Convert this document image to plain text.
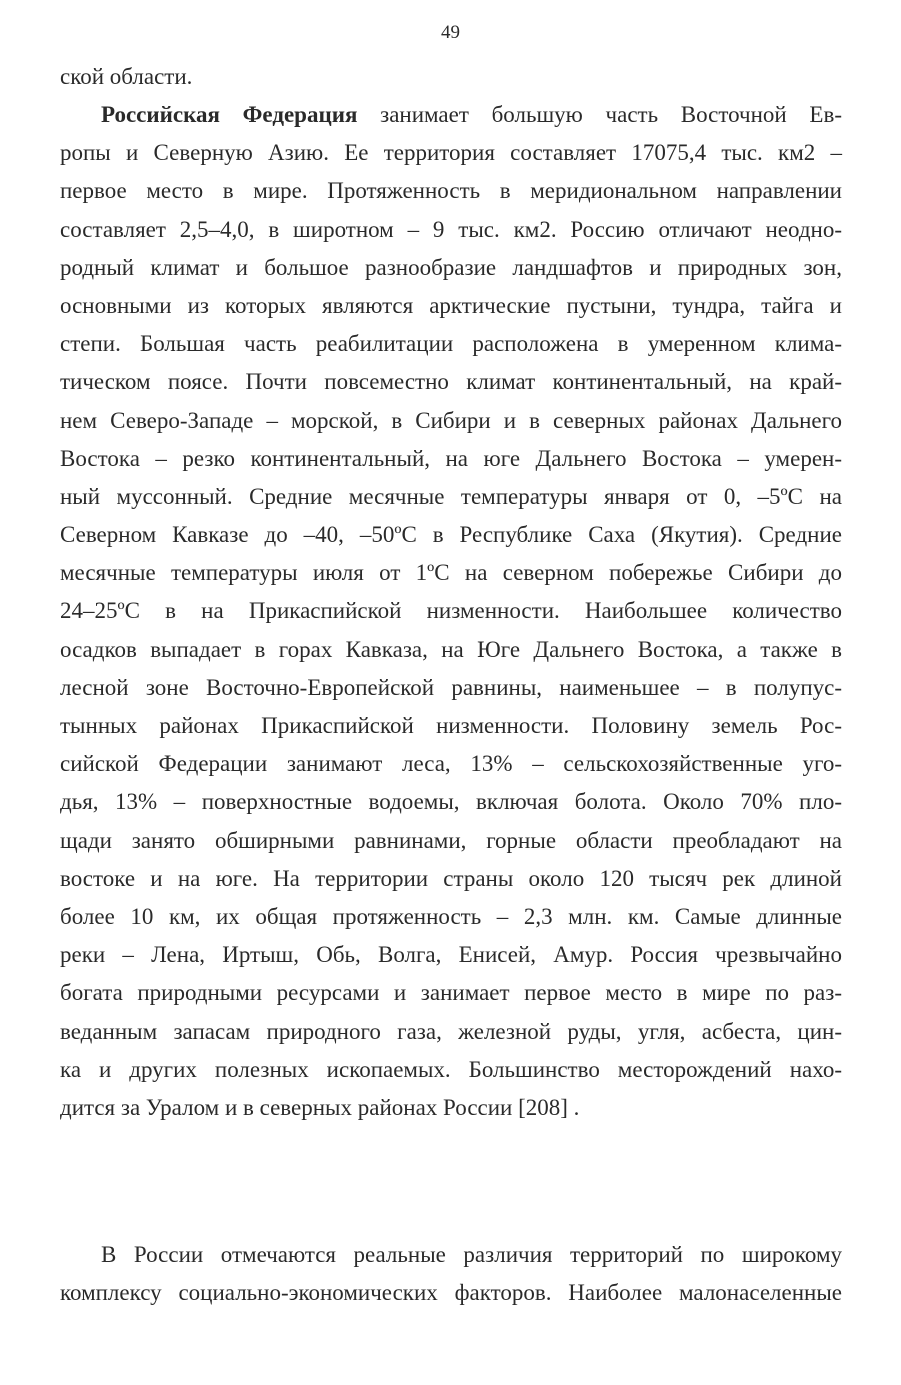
49
ской области.
Российская Федерация занимает большую часть Восточной Ев-
ропы и Северную Азию. Ее территория составляет 17075,4 тыс. км2 –
первое место в мире. Протяженность в меридиональном направлении
составляет 2,5–4,0, в широтном – 9 тыс. км2. Россию отличают неодно-
родный климат и большое разнообразие ландшафтов и природных зон,
основными из которых являются арктические пустыни, тундра, тайга и
степи. Большая часть реабилитации расположена в умеренном клима-
тическом поясе. Почти повсеместно климат континентальный, на край-
нем Северо-Западе – морской, в Сибири и в северных районах Дальнего
Востока – резко континентальный, на юге Дальнего Востока – умерен-
ный муссонный. Средние месячные температуры января от 0, –5ºС на
Северном Кавказе до –40, –50ºС в Республике Саха (Якутия). Средние
месячные температуры июля от 1ºС на северном побережье Сибири до
24–25ºС в на Прикаспийской низменности. Наибольшее количество
осадков выпадает в горах Кавказа, на Юге Дальнего Востока, а также в
лесной зоне Восточно-Европейской равнины, наименьшее – в полупус-
тынных районах Прикаспийской низменности. Половину земель Рос-
сийской Федерации занимают леса, 13% – сельскохозяйственные уго-
дья, 13% – поверхностные водоемы, включая болота. Около 70% пло-
щади занято обширными равнинами, горные области преобладают на
востоке и на юге. На территории страны около 120 тысяч рек длиной
более 10 км, их общая протяженность – 2,3 млн. км. Самые длинные
реки – Лена, Иртыш, Обь, Волга, Енисей, Амур. Россия чрезвычайно
богата природными ресурсами и занимает первое место в мире по раз-
веданным запасам природного газа, железной руды, угля, асбеста, цин-
ка и других полезных ископаемых. Большинство месторождений нахо-
дится за Уралом и в северных районах России [208] .
В России отмечаются реальные различия территорий по широкому
комплексу социально-экономических факторов. Наиболее малонаселенные
